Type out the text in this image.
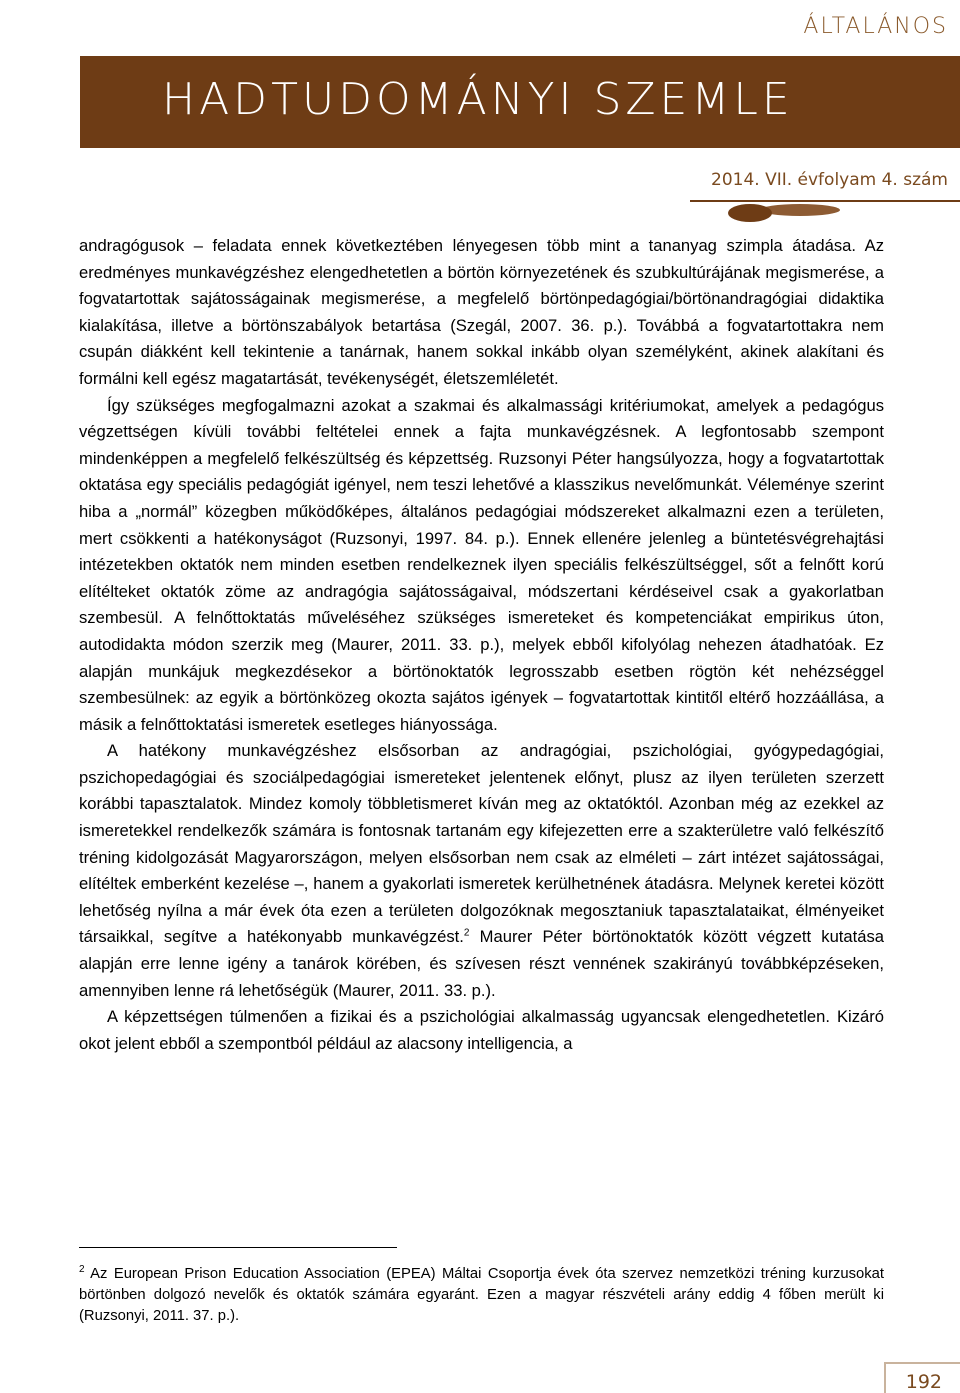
ÁLTALÁNOS
HADTUDOMÁNYI SZEMLE
2014. VII. évfolyam 4. szám

andragógusok – feladata ennek következtében lényegesen több mint a tananyag szimpla átadása. Az eredményes munkavégzéshez elengedhetetlen a börtön környezetének és szubkultúrájának megismerése, a fogvatartottak sajátosságainak megismerése, a megfelelő börtönpedagógiai/börtönandragógiai didaktika kialakítása, illetve a börtönszabályok betartása (Szegál, 2007. 36. p.). Továbbá a fogvatartottakra nem csupán diákként kell tekintenie a tanárnak, hanem sokkal inkább olyan személyként, akinek alakítani és formálni kell egész magatartását, tevékenységét, életszemléletét.

Így szükséges megfogalmazni azokat a szakmai és alkalmassági kritériumokat, amelyek a pedagógus végzettségen kívüli további feltételei ennek a fajta munkavégzésnek. A legfontosabb szempont mindenképpen a megfelelő felkészültség és képzettség. Ruzsonyi Péter hangsúlyozza, hogy a fogvatartottak oktatása egy speciális pedagógiát igényel, nem teszi lehetővé a klasszikus nevelőmunkát. Véleménye szerint hiba a „normál” közegben működőképes, általános pedagógiai módszereket alkalmazni ezen a területen, mert csökkenti a hatékonyságot (Ruzsonyi, 1997. 84. p.). Ennek ellenére jelenleg a büntetésvégrehajtási intézetekben oktatók nem minden esetben rendelkeznek ilyen speciális felkészültséggel, sőt a felnőtt korú elítélteket oktatók zöme az andragógia sajátosságaival, módszertani kérdéseivel csak a gyakorlatban szembesül. A felnőttoktatás műveléséhez szükséges ismereteket és kompetenciákat empirikus úton, autodidakta módon szerzik meg (Maurer, 2011. 33. p.), melyek ebből kifolyólag nehezen átadhatóak. Ez alapján munkájuk megkezdésekor a börtönoktatók legrosszabb esetben rögtön két nehézséggel szembesülnek: az egyik a börtönközeg okozta sajátos igények – fogvatartottak kintitől eltérő hozzáállása, a másik a felnőttoktatási ismeretek esetleges hiányossága.

A hatékony munkavégzéshez elsősorban az andragógiai, pszichológiai, gyógypedagógiai, pszichopedagógiai és szociálpedagógiai ismereteket jelentenek előnyt, plusz az ilyen területen szerzett korábbi tapasztalatok. Mindez komoly többletismeret kíván meg az oktatóktól. Azonban még az ezekkel az ismeretekkel rendelkezők számára is fontosnak tartanám egy kifejezetten erre a szakterületre való felkészítő tréning kidolgozását Magyarországon, melyen elsősorban nem csak az elméleti – zárt intézet sajátosságai, elítéltek emberként kezelése –, hanem a gyakorlati ismeretek kerülhetnének átadásra. Melynek keretei között lehetőség nyílna a már évek óta ezen a területen dolgozóknak megosztaniuk tapasztalataikat, élményeiket társaikkal, segítve a hatékonyabb munkavégzést.$^2$ Maurer Péter börtönoktatók között végzett kutatása alapján erre lenne igény a tanárok körében, és szívesen részt vennének szakirányú továbbképzéseken, amennyiben lenne rá lehetőségük (Maurer, 2011. 33. p.).

A képzettségen túlmenően a fizikai és a pszichológiai alkalmasság ugyancsak elengedhetetlen. Kizáró okot jelent ebből a szempontból például az alacsony intelligencia, a

$^2$ Az European Prison Education Association (EPEA) Máltai Csoportja évek óta szervez nemzetközi tréning kurzusokat börtönben dolgozó nevelők és oktatók számára egyaránt. Ezen a magyar részvételi arány eddig 4 főben merült ki (Ruzsonyi, 2011. 37. p.).
192
